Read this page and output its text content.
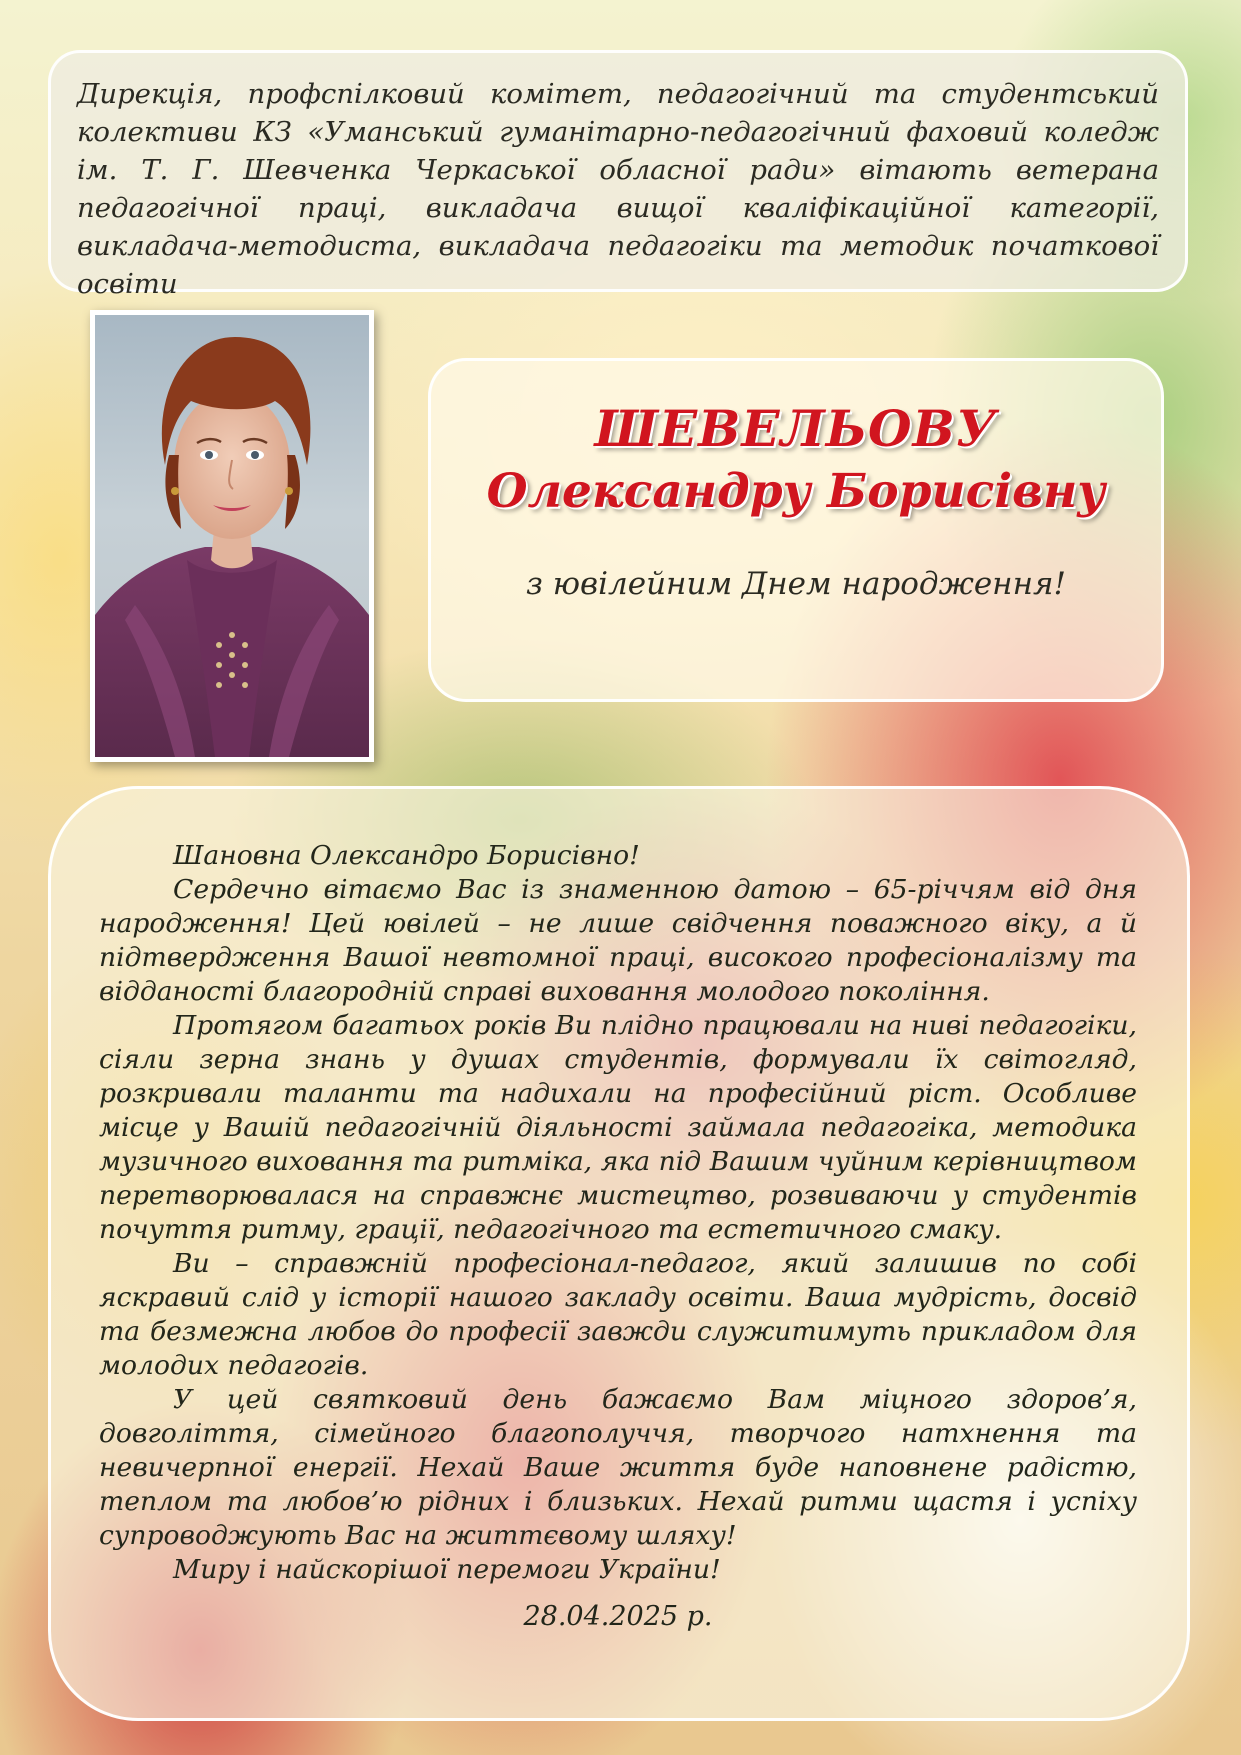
Дирекція, профспілковий комітет, педагогічний та студентський колективи КЗ «Уманський гуманітарно-педагогічний фаховий коледж ім. Т. Г. Шевченка Черкаської обласної ради» вітають ветерана педагогічної праці, викладача вищої кваліфікаційної категорії, викладача-методиста, викладача педагогіки та методик початкової освіти

ШЕВЕЛЬОВУ
Олександру Борисівну
з ювілейним Днем народження!

Шановна Олександро Борисівно!

Сердечно вітаємо Вас із знаменною датою – 65-річчям від дня народження! Цей ювілей – не лише свідчення поважного віку, а й підтвердження Вашої невтомної праці, високого професіоналізму та відданості благородній справі виховання молодого покоління.

Протягом багатьох років Ви плідно працювали на ниві педагогіки, сіяли зерна знань у душах студентів, формували їх світогляд, розкривали таланти та надихали на професійний ріст. Особливе місце у Вашій педагогічній діяльності займала педагогіка, методика музичного виховання та ритміка, яка під Вашим чуйним керівництвом перетворювалася на справжнє мистецтво, розвиваючи у студентів почуття ритму, грації, педагогічного та естетичного смаку.

Ви – справжній професіонал-педагог, який залишив по собі яскравий слід у історії нашого закладу освіти. Ваша мудрість, досвід та безмежна любов до професії завжди служитимуть прикладом для молодих педагогів.

У цей святковий день бажаємо Вам міцного здоров’я, довголіття, сімейного благополуччя, творчого натхнення та невичерпної енергії. Нехай Ваше життя буде наповнене радістю, теплом та любов’ю рідних і близьких. Нехай ритми щастя і успіху супроводжують Вас на життєвому шляху!

Миру і найскорішої перемоги України!

28.04.2025 р.
